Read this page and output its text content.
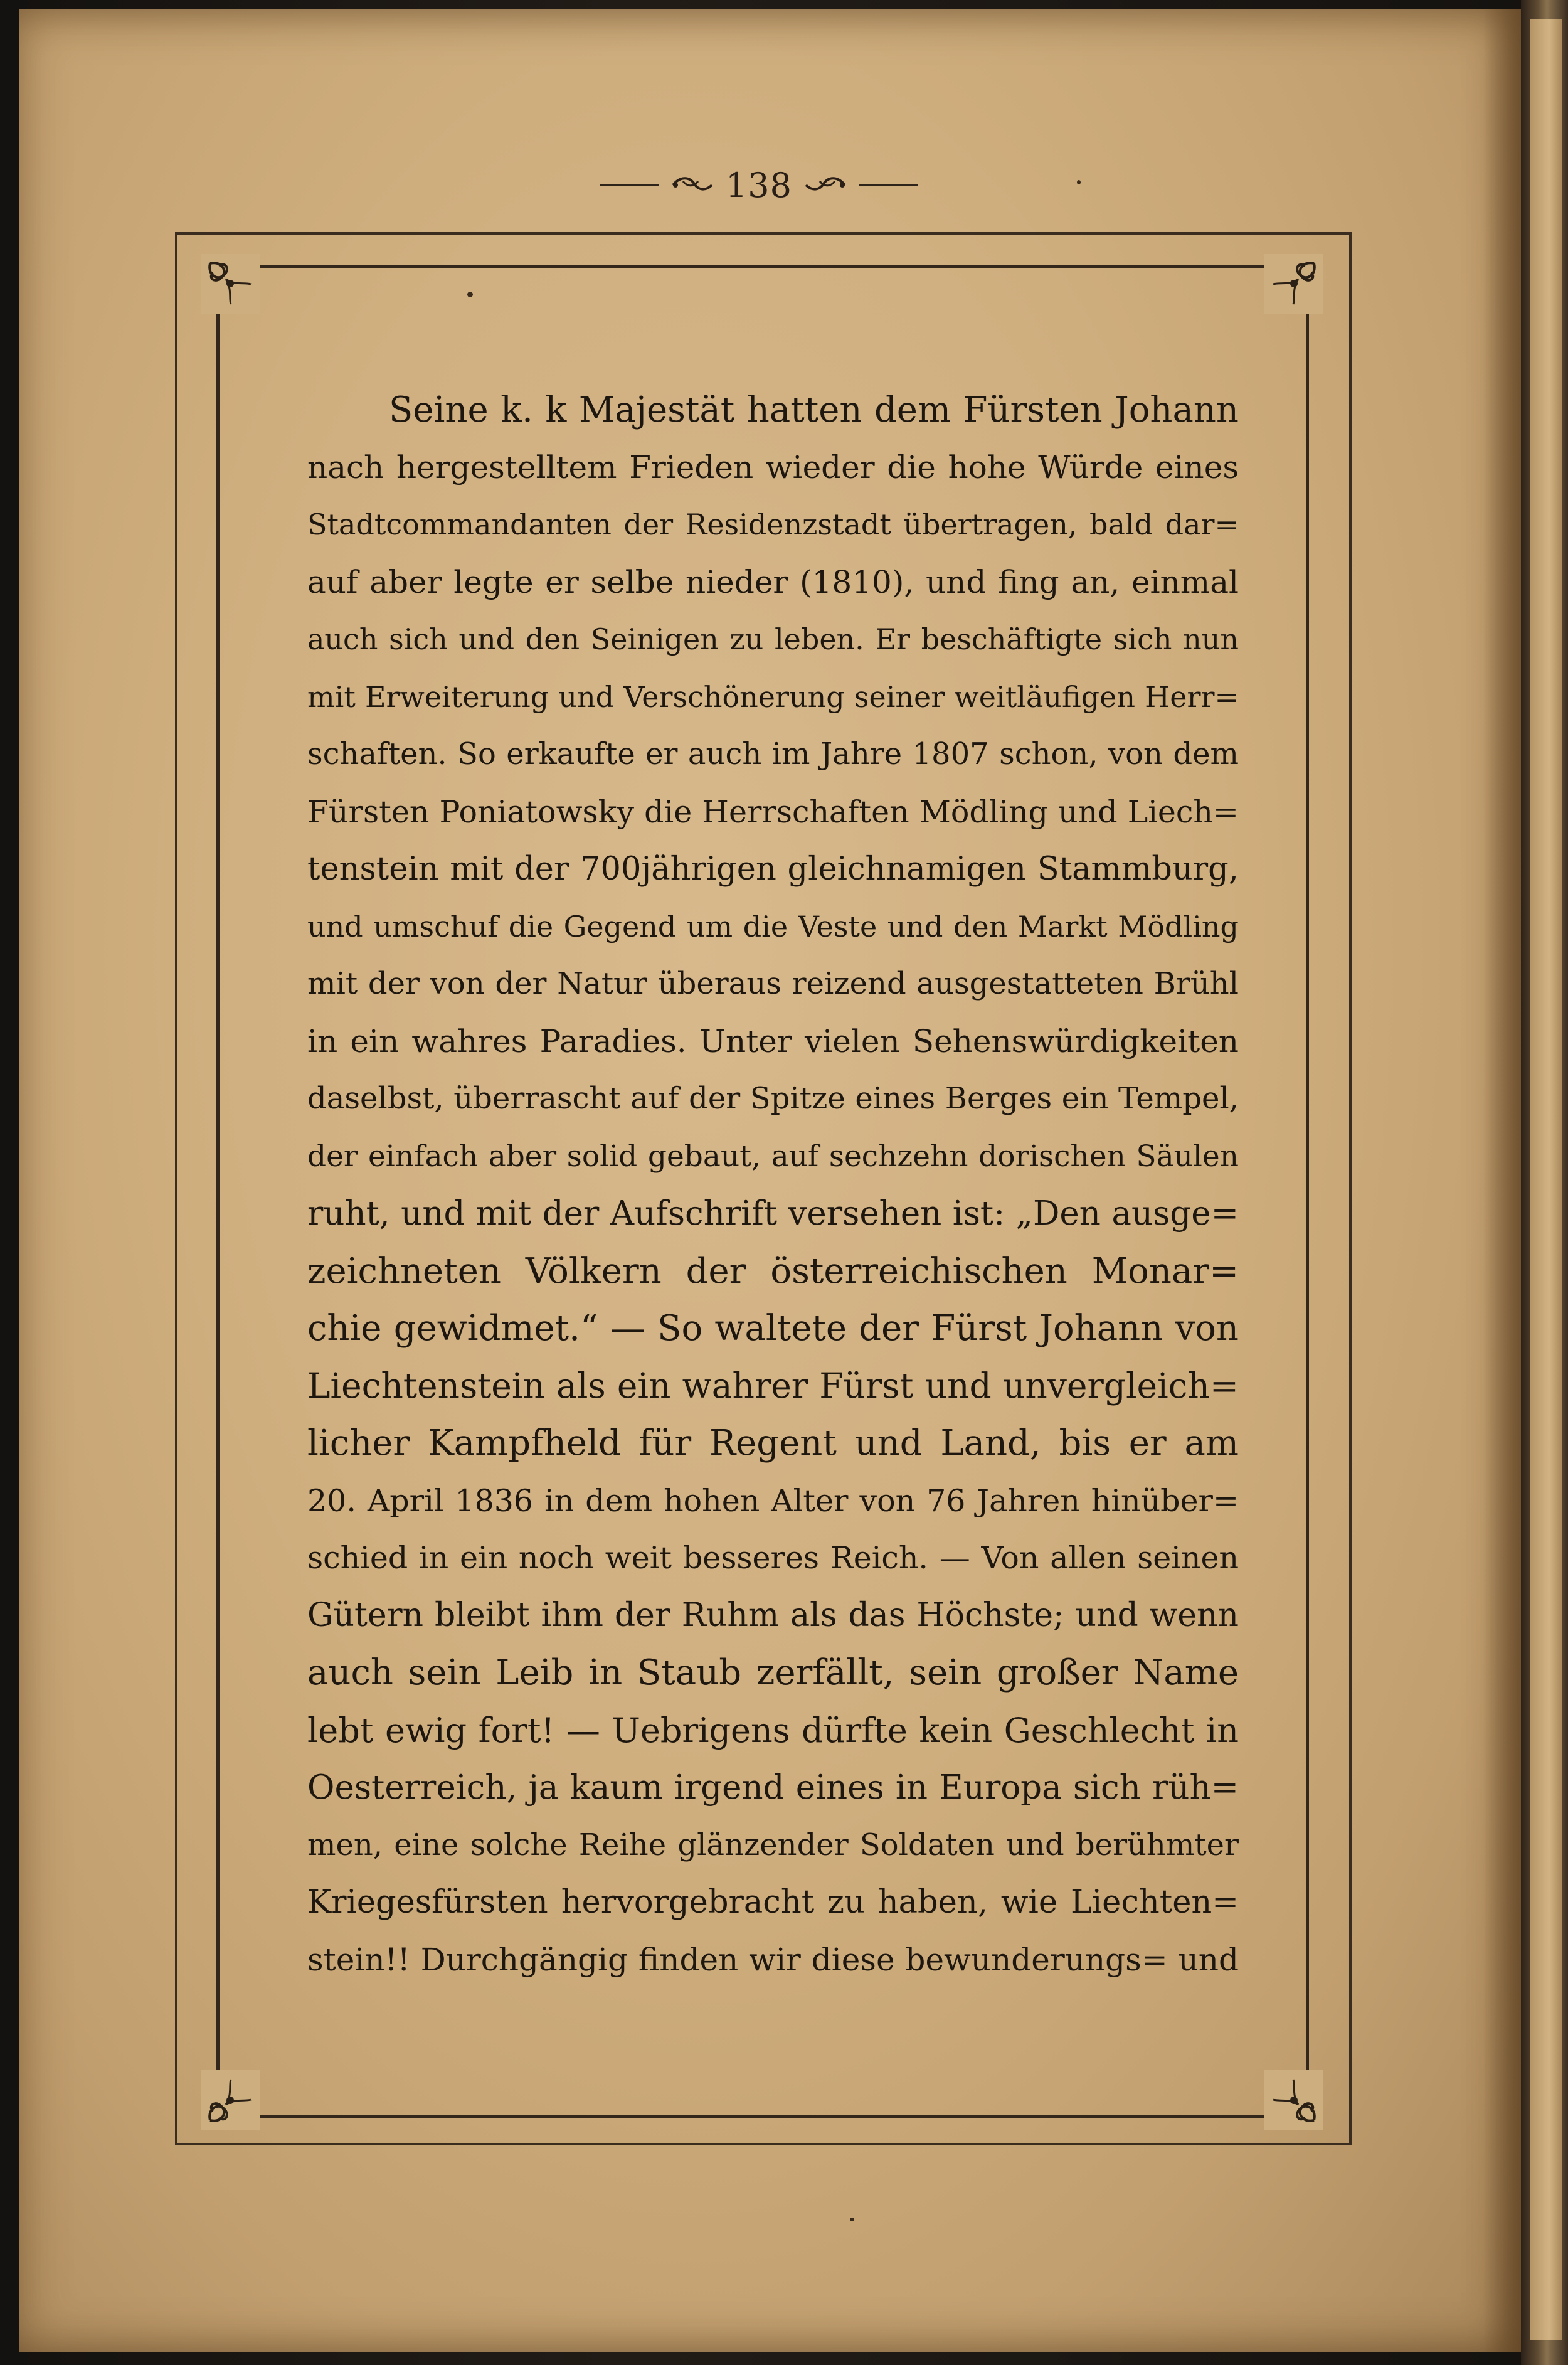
138
Seine k. k Majestät hatten dem Fürsten Johann
nach hergestelltem Frieden wieder die hohe Würde eines
Stadtcommandanten der Residenzstadt übertragen, bald dar=
auf aber legte er selbe nieder (1810), und fing an, einmal
auch sich und den Seinigen zu leben. Er beschäftigte sich nun
mit Erweiterung und Verschönerung seiner weitläufigen Herr=
schaften. So erkaufte er auch im Jahre 1807 schon, von dem
Fürsten Poniatowsky die Herrschaften Mödling und Liech=
tenstein mit der 700jährigen gleichnamigen Stammburg,
und umschuf die Gegend um die Veste und den Markt Mödling
mit der von der Natur überaus reizend ausgestatteten Brühl
in ein wahres Paradies. Unter vielen Sehenswürdigkeiten
daselbst, überrascht auf der Spitze eines Berges ein Tempel,
der einfach aber solid gebaut, auf sechzehn dorischen Säulen
ruht, und mit der Aufschrift versehen ist: „Den ausge=
zeichneten Völkern der österreichischen Monar=
chie gewidmet.“ — So waltete der Fürst Johann von
Liechtenstein als ein wahrer Fürst und unvergleich=
licher Kampfheld für Regent und Land, bis er am
20. April 1836 in dem hohen Alter von 76 Jahren hinüber=
schied in ein noch weit besseres Reich. — Von allen seinen
Gütern bleibt ihm der Ruhm als das Höchste; und wenn
auch sein Leib in Staub zerfällt, sein großer Name
lebt ewig fort! — Uebrigens dürfte kein Geschlecht in
Oesterreich, ja kaum irgend eines in Europa sich rüh=
men, eine solche Reihe glänzender Soldaten und berühmter
Kriegesfürsten hervorgebracht zu haben, wie Liechten=
stein!! Durchgängig finden wir diese bewunderungs= und
